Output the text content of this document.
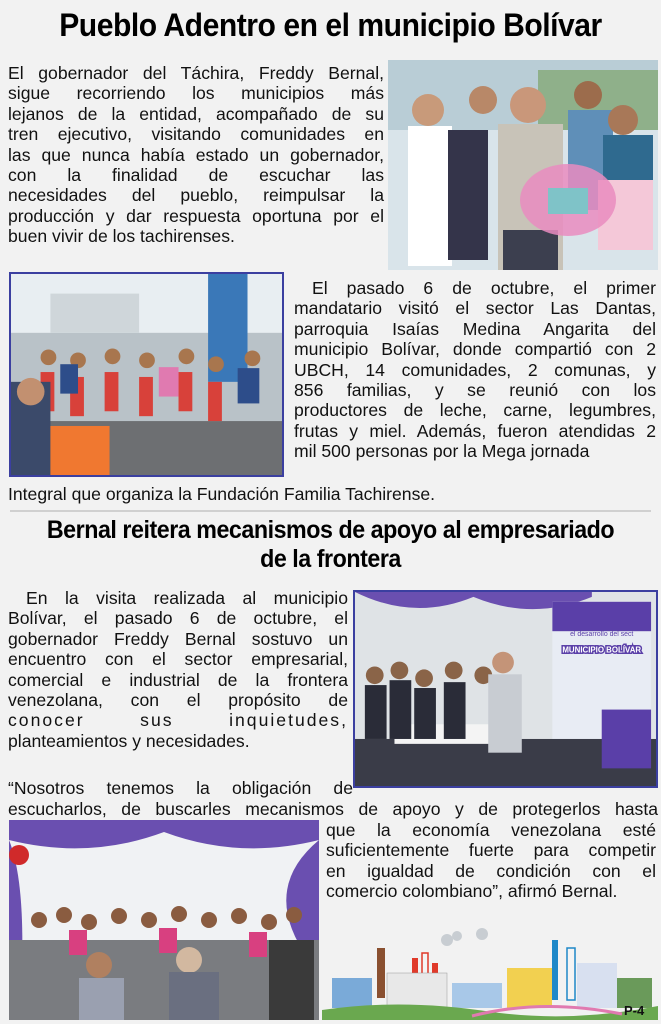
Pueblo Adentro en el municipio Bolívar
El gobernador del Táchira, Freddy Bernal,
sigue recorriendo los municipios más
lejanos de la entidad, acompañado de su
tren ejecutivo, visitando comunidades en
las que nunca había estado un gobernador,
con la finalidad de escuchar las
necesidades del pueblo, reimpulsar la
producción y dar respuesta oportuna por el
buen vivir de los tachirenses.
El pasado 6 de octubre, el primer
mandatario visitó el sector Las Dantas,
parroquia Isaías Medina Angarita del
municipio Bolívar, donde compartió con 2
UBCH, 14 comunidades, 2 comunas, y
856 familias, y se reunió con los
productores de leche, carne, legumbres,
frutas y miel. Además, fueron atendidas 2
mil 500 personas por la Mega jornada
Integral que organiza la Fundación Familia Tachirense.
Bernal reitera mecanismos de apoyo al empresariado
de la frontera
En la visita realizada al municipio
Bolívar, el pasado 6 de octubre, el
gobernador Freddy Bernal sostuvo un
encuentro con el sector empresarial,
comercial e industrial de la frontera
venezolana, con el propósito de
conocer sus inquietudes,
planteamientos y necesidades.
el desarrollo del sect
MUNICIPIO BOLÍVAR
“Nosotros tenemos la obligación de
escucharlos, de buscarles mecanismos de apoyo y de protegerlos hasta
que la economía venezolana esté
suficientemente fuerte para competir
en igualdad de condición con el
comercio colombiano”, afirmó Bernal.
P-4
